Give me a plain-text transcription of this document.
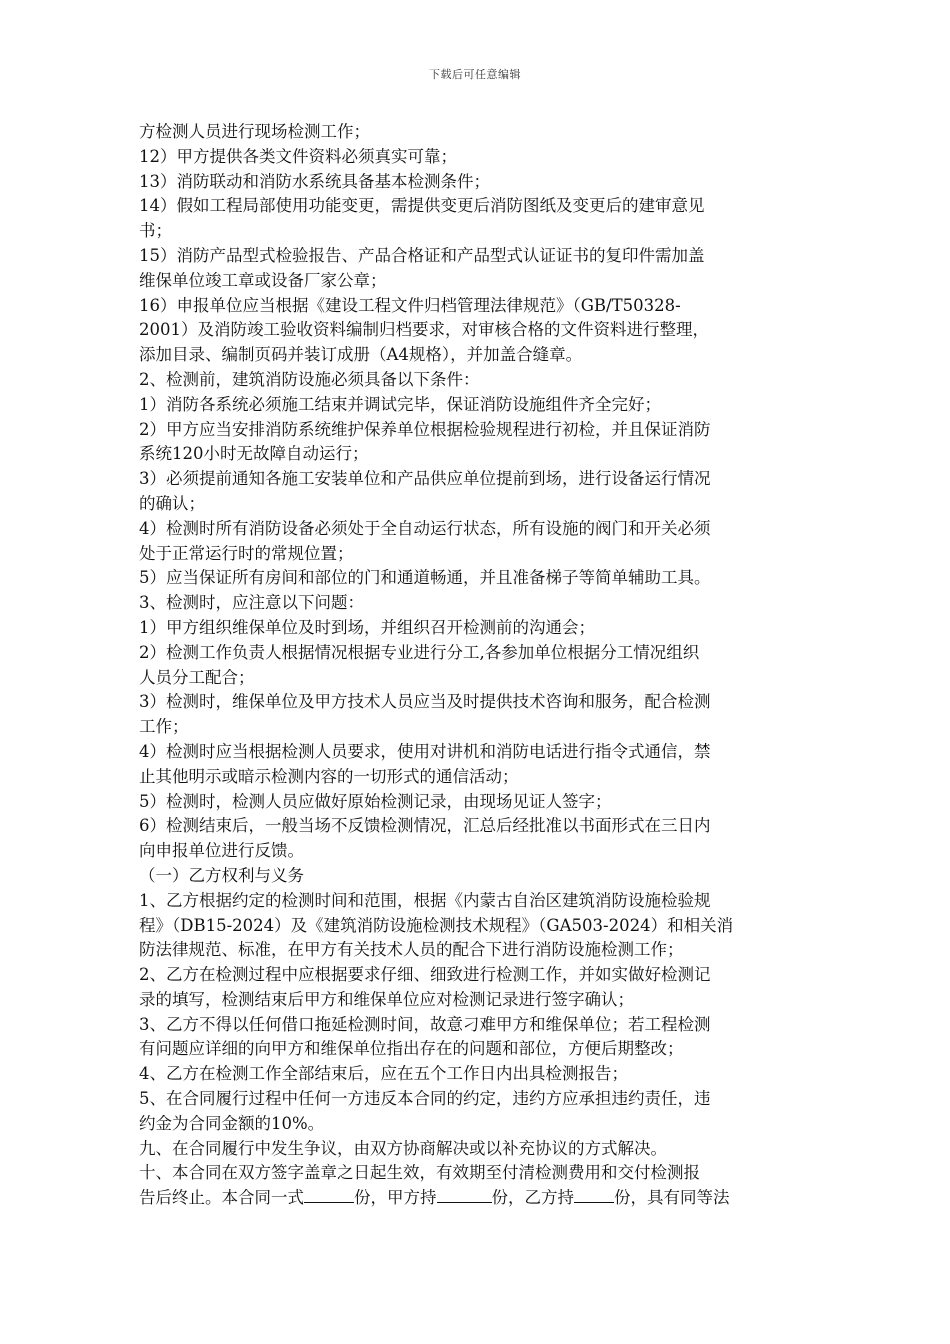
下载后可任意编辑
方检测人员进行现场检测工作；
12）甲方提供各类文件资料必须真实可靠；
13）消防联动和消防水系统具备基本检测条件；
14）假如工程局部使用功能变更，需提供变更后消防图纸及变更后的建审意见
书；
15）消防产品型式检验报告、产品合格证和产品型式认证证书的复印件需加盖
维保单位竣工章或设备厂家公章；
16）申报单位应当根据《建设工程文件归档管理法律规范》（GB/T50328-
2001）及消防竣工验收资料编制归档要求，对审核合格的文件资料进行整理，
添加目录、编制页码并装订成册（A4规格），并加盖合缝章。
2、检测前，建筑消防设施必须具备以下条件：
1）消防各系统必须施工结束并调试完毕，保证消防设施组件齐全完好；
2）甲方应当安排消防系统维护保养单位根据检验规程进行初检，并且保证消防
系统120小时无故障自动运行；
3）必须提前通知各施工安装单位和产品供应单位提前到场，进行设备运行情况
的确认；
4）检测时所有消防设备必须处于全自动运行状态，所有设施的阀门和开关必须
处于正常运行时的常规位置；
5）应当保证所有房间和部位的门和通道畅通，并且准备梯子等简单辅助工具。
3、检测时，应注意以下问题：
1）甲方组织维保单位及时到场，并组织召开检测前的沟通会；
2）检测工作负责人根据情况根据专业进行分工,各参加单位根据分工情况组织
人员分工配合；
3）检测时，维保单位及甲方技术人员应当及时提供技术咨询和服务，配合检测
工作；
4）检测时应当根据检测人员要求，使用对讲机和消防电话进行指令式通信，禁
止其他明示或暗示检测内容的一切形式的通信活动；
5）检测时，检测人员应做好原始检测记录，由现场见证人签字；
6）检测结束后，一般当场不反馈检测情况，汇总后经批准以书面形式在三日内
向申报单位进行反馈。
（一）乙方权利与义务
1、乙方根据约定的检测时间和范围，根据《内蒙古自治区建筑消防设施检验规
程》（DB15-2024）及《建筑消防设施检测技术规程》（GA503-2024）和相关消
防法律规范、标准，在甲方有关技术人员的配合下进行消防设施检测工作；
2、乙方在检测过程中应根据要求仔细、细致进行检测工作，并如实做好检测记
录的填写，检测结束后甲方和维保单位应对检测记录进行签字确认；
3、乙方不得以任何借口拖延检测时间，故意刁难甲方和维保单位；若工程检测
有问题应详细的向甲方和维保单位指出存在的问题和部位，方便后期整改；
4、乙方在检测工作全部结束后，应在五个工作日内出具检测报告；
5、在合同履行过程中任何一方违反本合同的约定，违约方应承担违约责任，违
约金为合同金额的10%。
九、在合同履行中发生争议，由双方协商解决或以补充协议的方式解决。
十、本合同在双方签字盖章之日起生效，有效期至付清检测费用和交付检测报
告后终止。本合同一式	份，甲方持	份，乙方持 份，具有同等法
